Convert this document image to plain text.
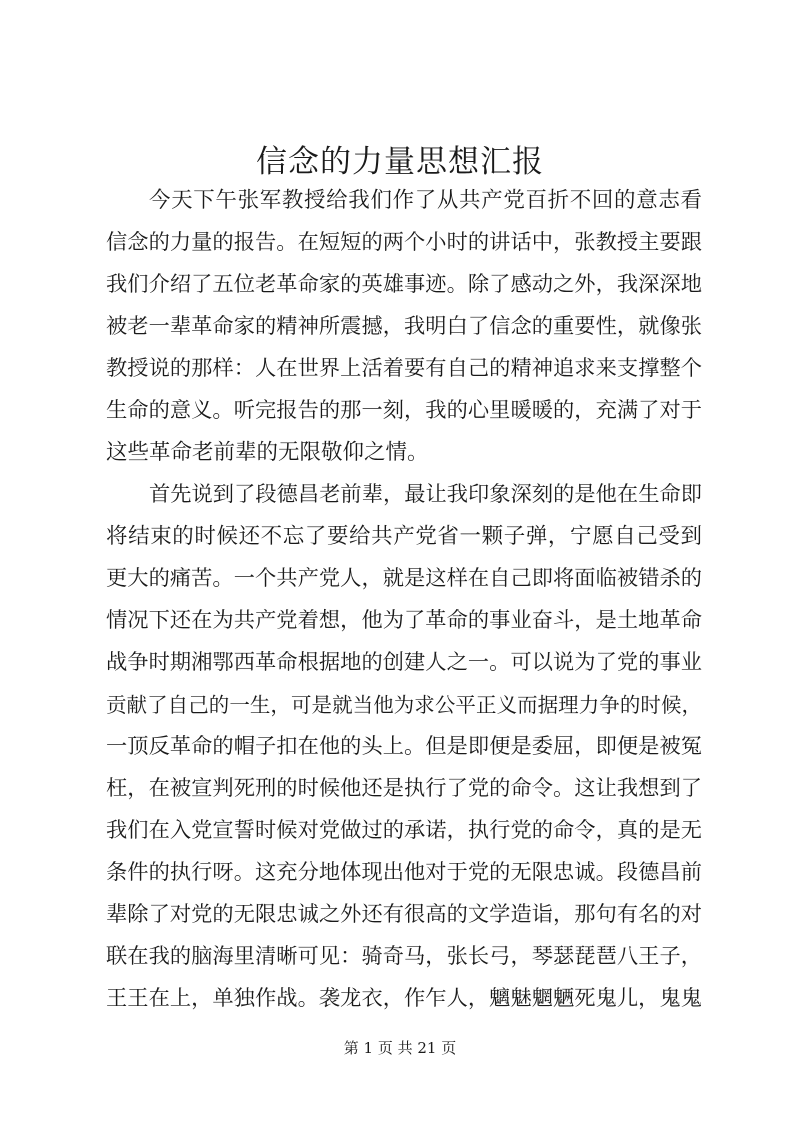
信念的力量思想汇报
今天下午张军教授给我们作了从共产党百折不回的意志看
信念的力量的报告。在短短的两个小时的讲话中，张教授主要跟
我们介绍了五位老革命家的英雄事迹。除了感动之外，我深深地
被老一辈革命家的精神所震撼，我明白了信念的重要性，就像张
教授说的那样：人在世界上活着要有自己的精神追求来支撑整个
生命的意义。听完报告的那一刻，我的心里暖暖的，充满了对于
这些革命老前辈的无限敬仰之情。
首先说到了段德昌老前辈，最让我印象深刻的是他在生命即
将结束的时候还不忘了要给共产党省一颗子弹，宁愿自己受到
更大的痛苦。一个共产党人，就是这样在自己即将面临被错杀的
情况下还在为共产党着想，他为了革命的事业奋斗，是土地革命
战争时期湘鄂西革命根据地的创建人之一。可以说为了党的事业
贡献了自己的一生，可是就当他为求公平正义而据理力争的时候，
一顶反革命的帽子扣在他的头上。但是即便是委屈，即便是被冤
枉，在被宣判死刑的时候他还是执行了党的命令。这让我想到了
我们在入党宣誓时候对党做过的承诺，执行党的命令，真的是无
条件的执行呀。这充分地体现出他对于党的无限忠诚。段德昌前
辈除了对党的无限忠诚之外还有很高的文学造诣，那句有名的对
联在我的脑海里清晰可见：骑奇马，张长弓，琴瑟琵琶八王子，
王王在上，单独作战。袭龙衣，作乍人，魑魅魍魉死鬼儿，鬼鬼
第 1 页 共 21 页
